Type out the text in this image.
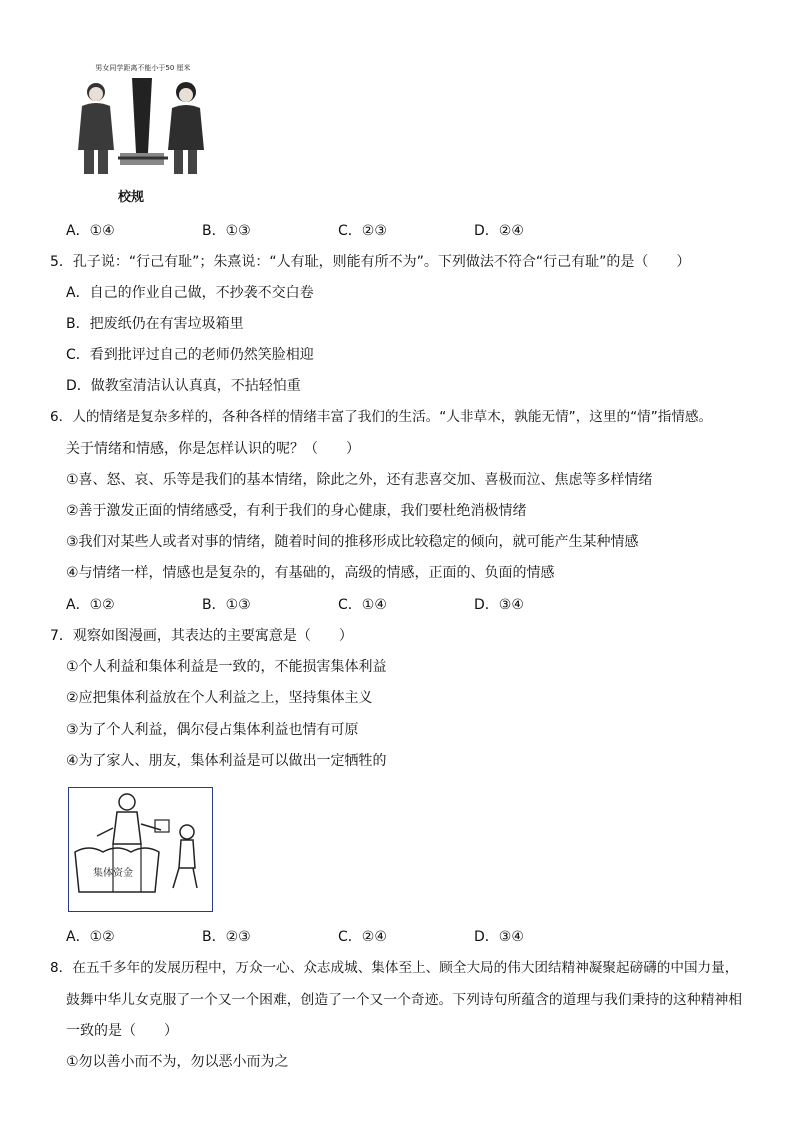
男女同学距离不能小于50 厘米
校规
A．①④	B．①③	C．②③	D．②④
5．孔子说：“行己有耻”；朱熹说：“人有耻，则能有所不为”。下列做法不符合“行己有耻”的是（　　）
A．自己的作业自己做，不抄袭不交白卷
B．把废纸仍在有害垃圾箱里
C．看到批评过自己的老师仍然笑脸相迎
D．做教室清洁认认真真，不拈轻怕重
6．人的情绪是复杂多样的，各种各样的情绪丰富了我们的生活。“人非草木，孰能无情”，这里的“情”指情感。
关于情绪和情感，你是怎样认识的呢？（　　）
①喜、怒、哀、乐等是我们的基本情绪，除此之外，还有悲喜交加、喜极而泣、焦虑等多样情绪
②善于激发正面的情绪感受，有利于我们的身心健康，我们要杜绝消极情绪
③我们对某些人或者对事的情绪，随着时间的推移形成比较稳定的倾向，就可能产生某种情感
④与情绪一样，情感也是复杂的，有基础的，高级的情感，正面的、负面的情感
A．①②	B．①③	C．①④	D．③④
7．观察如图漫画，其表达的主要寓意是（　　）
①个人利益和集体利益是一致的，不能损害集体利益
②应把集体利益放在个人利益之上，坚持集体主义
③为了个人利益，偶尔侵占集体利益也情有可原
④为了家人、朋友，集体利益是可以做出一定牺牲的
集体资金
A．①②	B．②③	C．②④	D．③④
8．在五千多年的发展历程中，万众一心、众志成城、集体至上、顾全大局的伟大团结精神凝聚起磅礴的中国力量，
鼓舞中华儿女克服了一个又一个困难，创造了一个又一个奇迹。下列诗句所蕴含的道理与我们秉持的这种精神相
一致的是（　　）
①勿以善小而不为，勿以恶小而为之
